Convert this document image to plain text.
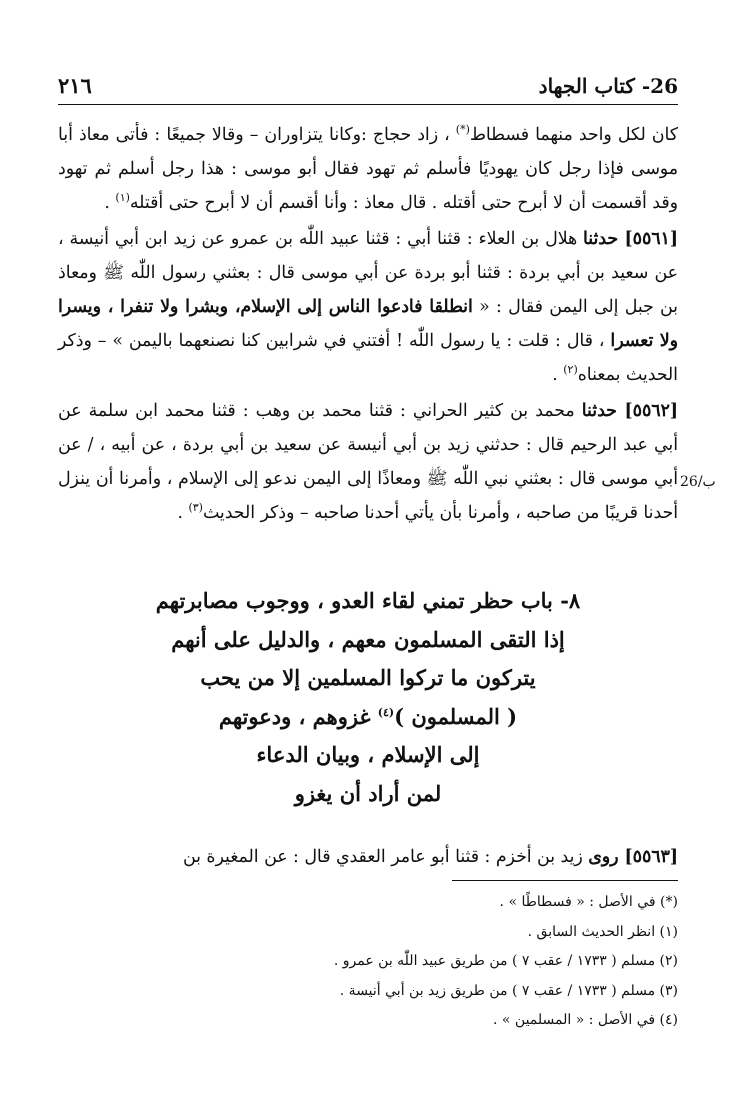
٢١٦	26- كتاب الجهاد
26/ب

كان لكل واحد منهما فسطاط(*) ، زاد حجاج :وكانا يتزاوران – وقالا جميعًا : فأتى معاذ أبا موسى فإذا رجل كان يهوديًا فأسلم ثم تهود فقال أبو موسى : هذا رجل أسلم ثم تهود وقد أقسمت أن لا أبرح حتى أقتله . قال معاذ : وأنا أقسم أن لا أبرح حتى أقتله$^{(١)}$ .

[٥٥٦١] حدثنا هلال بن العلاء : قثنا أبي : قثنا عبيد اللّٰه بن عمرو عن زيد ابن أبي أنيسة ، عن سعيد بن أبي بردة : قثنا أبو بردة عن أبي موسى قال : بعثني رسول اللّٰه ﷺ ومعاذ بن جبل إلى اليمن فقال : « انطلقا فادعوا الناس إلى الإسلام، وبشرا ولا تنفرا ، ويسرا ولا تعسرا ، قال : قلت : يا رسول اللّٰه ! أفتني في شرابين كنا نصنعهما باليمن » – وذكر الحديث بمعناه$^{(٢)}$ .

[٥٥٦٢] حدثنا محمد بن كثير الحراني : قثنا محمد بن وهب : قثنا محمد ابن سلمة عن أبي عبد الرحيم قال : حدثني زيد بن أبي أنيسة عن سعيد بن أبي بردة ، عن أبيه ، / عن أبي موسى قال : بعثني نبي اللّٰه ﷺ ومعاذًا إلى اليمن ندعو إلى الإسلام ، وأمرنا أن ينزل أحدنا قريبًا من صاحبه ، وأمرنا بأن يأتي أحدنا صاحبه – وذكر الحديث$^{(٣)}$ .

٨- باب حظر تمني لقاء العدو ، ووجوب مصابرتهم
إذا التقى المسلمون معهم ، والدليل على أنهم
يتركون ما تركوا المسلمين إلا من يحب
( المسلمون )$^{(٤)}$ غزوهم ، ودعوتهم
إلى الإسلام ، وبيان الدعاء
لمن أراد أن يغزو
[٥٥٦٣] روى زيد بن أخزم : قثنا أبو عامر العقدي قال : عن المغيرة بن
(*) في الأصل : « فسطاطًا » .
(١) انظر الحديث السابق .
(٢) مسلم ( ١٧٣٣ / عقب ٧ ) من طريق عبيد اللّٰه بن عمرو .
(٣) مسلم ( ١٧٣٣ / عقب ٧ ) من طريق زيد بن أبي أنيسة .
(٤) في الأصل : « المسلمين » .
